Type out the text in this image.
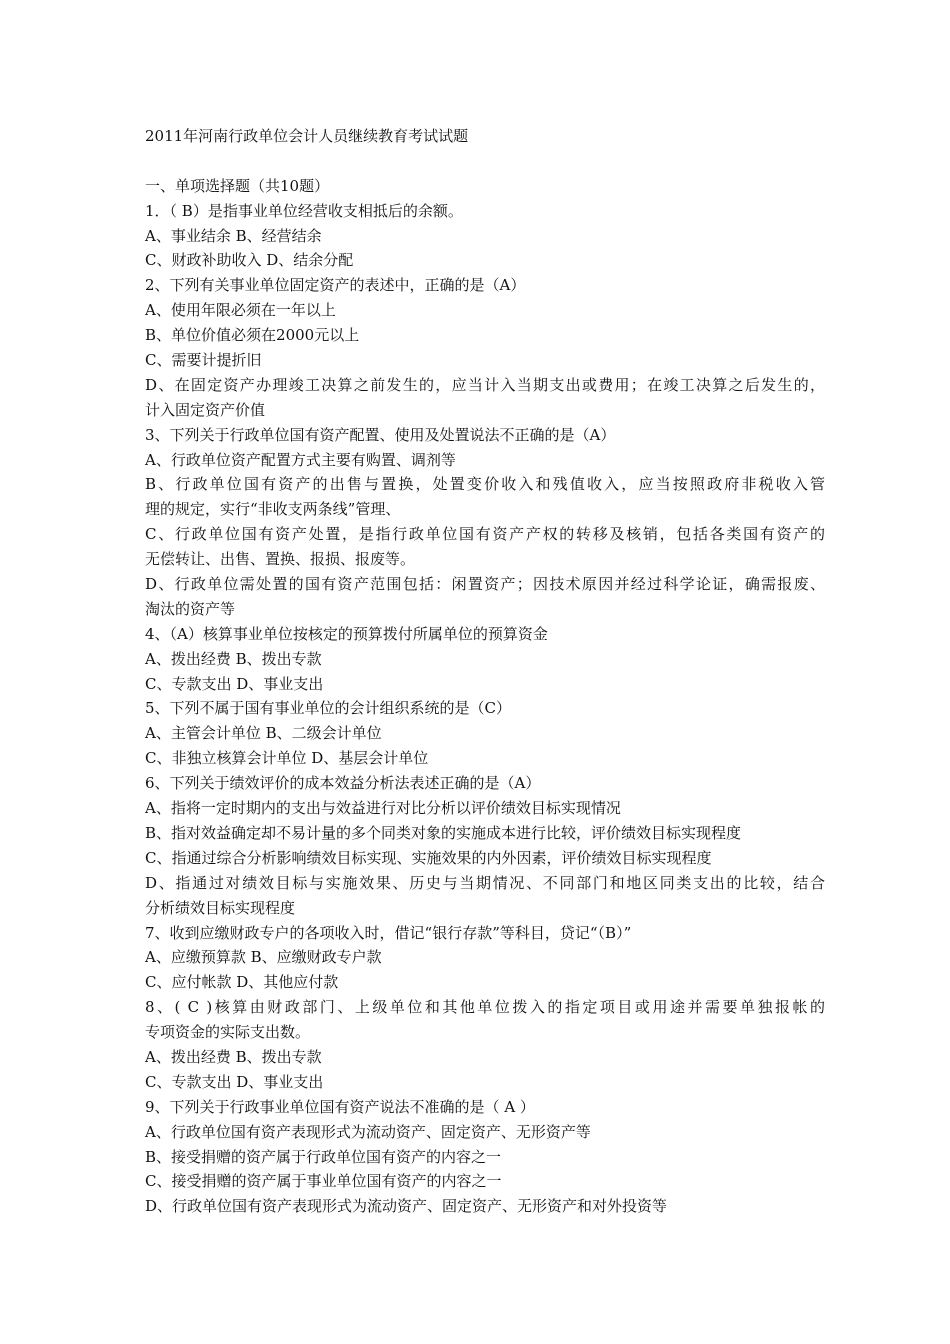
2011年河南行政单位会计人员继续教育考试试题
一、单项选择题（共10题）
1．（ B）是指事业单位经营收支相抵后的余额。
A、事业结余 B、经营结余
C、财政补助收入 D、结余分配
2、下列有关事业单位固定资产的表述中，正确的是（A）
A、使用年限必须在一年以上
B、单位价值必须在2000元以上
C、需要计提折旧
D、在固定资产办理竣工决算之前发生的，应当计入当期支出或费用；在竣工决算之后发生的，
计入固定资产价值
3、下列关于行政单位国有资产配置、使用及处置说法不正确的是（A）
A、行政单位资产配置方式主要有购置、调剂等
B、行政单位国有资产的出售与置换，处置变价收入和残值收入，应当按照政府非税收入管
理的规定，实行“非收支两条线”管理、
C、行政单位国有资产处置，是指行政单位国有资产产权的转移及核销，包括各类国有资产的
无偿转让、出售、置换、报损、报废等。
D、行政单位需处置的国有资产范围包括：闲置资产；因技术原因并经过科学论证，确需报废、
淘汰的资产等
4、（A）核算事业单位按核定的预算拨付所属单位的预算资金
A、拨出经费 B、拨出专款
C、专款支出 D、事业支出
5、下列不属于国有事业单位的会计组织系统的是（C）
A、主管会计单位 B、二级会计单位
C、非独立核算会计单位 D、基层会计单位
6、下列关于绩效评价的成本效益分析法表述正确的是（A）
A、指将一定时期内的支出与效益进行对比分析以评价绩效目标实现情况
B、指对效益确定却不易计量的多个同类对象的实施成本进行比较，评价绩效目标实现程度
C、指通过综合分析影响绩效目标实现、实施效果的内外因素，评价绩效目标实现程度
D、指通过对绩效目标与实施效果、历史与当期情况、不同部门和地区同类支出的比较，结合
分析绩效目标实现程度
7、收到应缴财政专户的各项收入时，借记“银行存款”等科目，贷记“（B）”
A、应缴预算款 B、应缴财政专户款
C、应付帐款 D、其他应付款
8、( C )核算由财政部门、上级单位和其他单位拨入的指定项目或用途并需要单独报帐的
专项资金的实际支出数。
A、拨出经费 B、拨出专款
C、专款支出 D、事业支出
9、下列关于行政事业单位国有资产说法不准确的是（ A ）
A、行政单位国有资产表现形式为流动资产、固定资产、无形资产等
B、接受捐赠的资产属于行政单位国有资产的内容之一
C、接受捐赠的资产属于事业单位国有资产的内容之一
D、行政单位国有资产表现形式为流动资产、固定资产、无形资产和对外投资等
